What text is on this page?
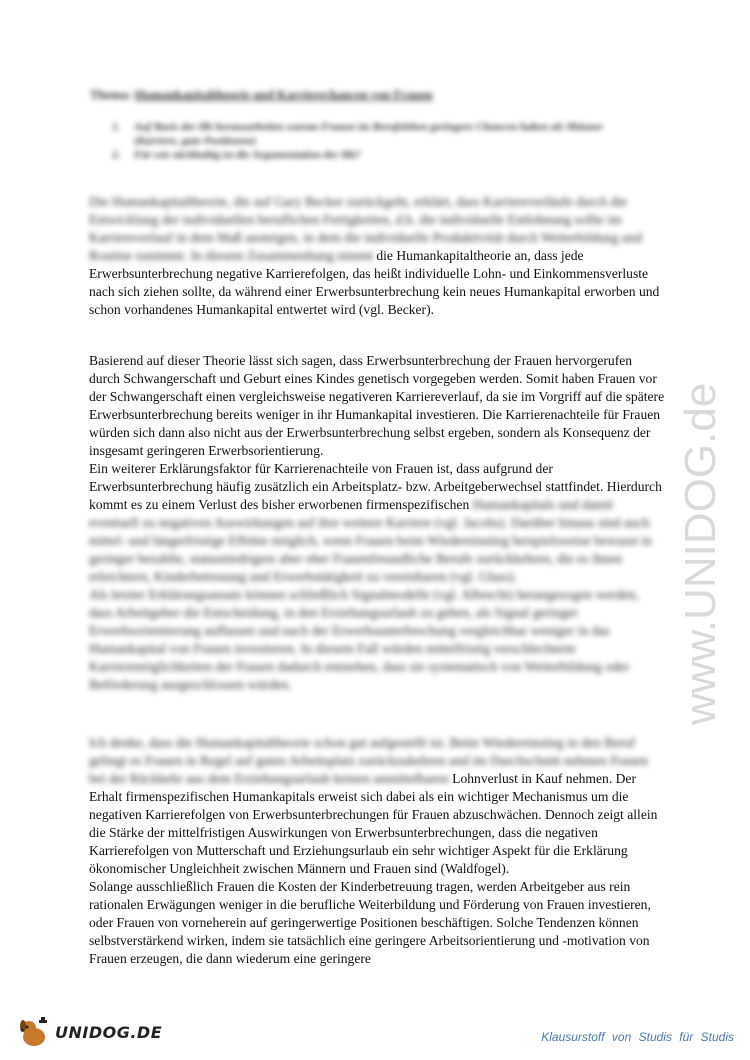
Thema: Humankapitaltheorie und Karrierechancen von Frauen
1.	Auf Basis der Hk herausarbeiten warum Frauen im Berufsleben geringere Chancen haben als Männer (Karriere, gute Positionen)
2.	Für wie stichhaltig ist die Argumentation der Hk?

Die Humankapitaltheorie, die auf Gary Becker zurückgeht, erklärt, dass Karriereverläufe durch die Entwicklung der individuellen beruflichen Fertigkeiten, d.h. die individuelle Entlohnung sollte im Karriereverlauf in dem Maß ansteigen, in dem die individuelle Produktivität durch Weiterbildung und Routine zunimmt. In diesem Zusammenhang nimmt die Humankapitaltheorie an, dass jede Erwerbsunterbrechung negative Karrierefolgen, das heißt individuelle Lohn- und Einkommensverluste nach sich ziehen sollte, da während einer Erwerbsunterbrechung kein neues Humankapital erworben und schon vorhandenes Humankapital entwertet wird (vgl. Becker).

Basierend auf dieser Theorie lässt sich sagen, dass Erwerbsunterbrechung der Frauen hervorgerufen durch Schwangerschaft und Geburt eines Kindes genetisch vorgegeben werden. Somit haben Frauen vor der Schwangerschaft einen vergleichsweise negativeren Karriereverlauf, da sie im Vorgriff auf die spätere Erwerbsunterbrechung bereits weniger in ihr Humankapital investieren. Die Karrierenachteile für Frauen würden sich dann also nicht aus der Erwerbsunterbrechung selbst ergeben, sondern als Konsequenz der insgesamt geringeren Erwerbsorientierung.

Ein weiterer Erklärungsfaktor für Karrierenachteile von Frauen ist, dass aufgrund der Erwerbsunterbrechung häufig zusätzlich ein Arbeitsplatz- bzw. Arbeitgeberwechsel stattfindet. Hierdurch kommt es zu einem Verlust des bisher erworbenen firmenspezifischen Humankapitals und damit eventuell zu negativen Auswirkungen auf ihre weitere Karriere (vgl. Jacobs). Darüber hinaus sind auch mittel- und längerfristige Effekte möglich, wenn Frauen beim Wiedereinstieg beispielsweise bewusst in geringer bezahlte, statusniedrigere aber eher Frauenfreundliche Berufe zurückkehren, die es ihnen erleichtern, Kinderbetreuung und Erwerbstätigkeit zu vereinbaren (vgl. Glass).

Als letzter Erklärungsansatz können schließlich Signalmodelle (vgl. Albrecht) herangezogen werden, dass Arbeitgeber die Entscheidung, in den Erziehungsurlaub zu gehen, als Signal geringer Erwerbsorientierung auffassen und nach der Erwerbsunterbrechung vergleichbar weniger in das Humankapital von Frauen investieren. In diesem Fall würden mittelfristig verschlechterte Karrieremöglichkeiten der Frauen dadurch entstehen, dass sie systematisch von Weiterbildung oder Beförderung ausgeschlossen würden.

Ich denke, dass die Humankapitaltheorie schon gut aufgestellt ist. Beim Wiedereinstieg in den Beruf gelingt es Frauen in Regel auf guten Arbeitsplatz zurückzukehren und im Durchschnitt nehmen Frauen bei der Rückkehr aus dem Erziehungsurlaub keinen unmittelbaren Lohnverlust in Kauf nehmen. Der Erhalt firmenspezifischen Humankapitals erweist sich dabei als ein wichtiger Mechanismus um die negativen Karrierefolgen von Erwerbsunterbrechungen für Frauen abzuschwächen. Dennoch zeigt allein die Stärke der mittelfristigen Auswirkungen von Erwerbsunterbrechungen, dass die negativen Karrierefolgen von Mutterschaft und Erziehungsurlaub ein sehr wichtiger Aspekt für die Erklärung ökonomischer Ungleichheit zwischen Männern und Frauen sind (Waldfogel).

Solange ausschließlich Frauen die Kosten der Kinderbetreuung tragen, werden Arbeitgeber aus rein rationalen Erwägungen weniger in die berufliche Weiterbildung und Förderung von Frauen investieren, oder Frauen von vorneherein auf geringerwertige Positionen beschäftigen. Solche Tendenzen können selbstverstärkend wirken, indem sie tatsächlich eine geringere Arbeitsorientierung und -motivation von Frauen erzeugen, die dann wiederum eine geringere

www.UNIDOG.de
UNIDOG.DE	Klausurstoff von Studis für Studis
